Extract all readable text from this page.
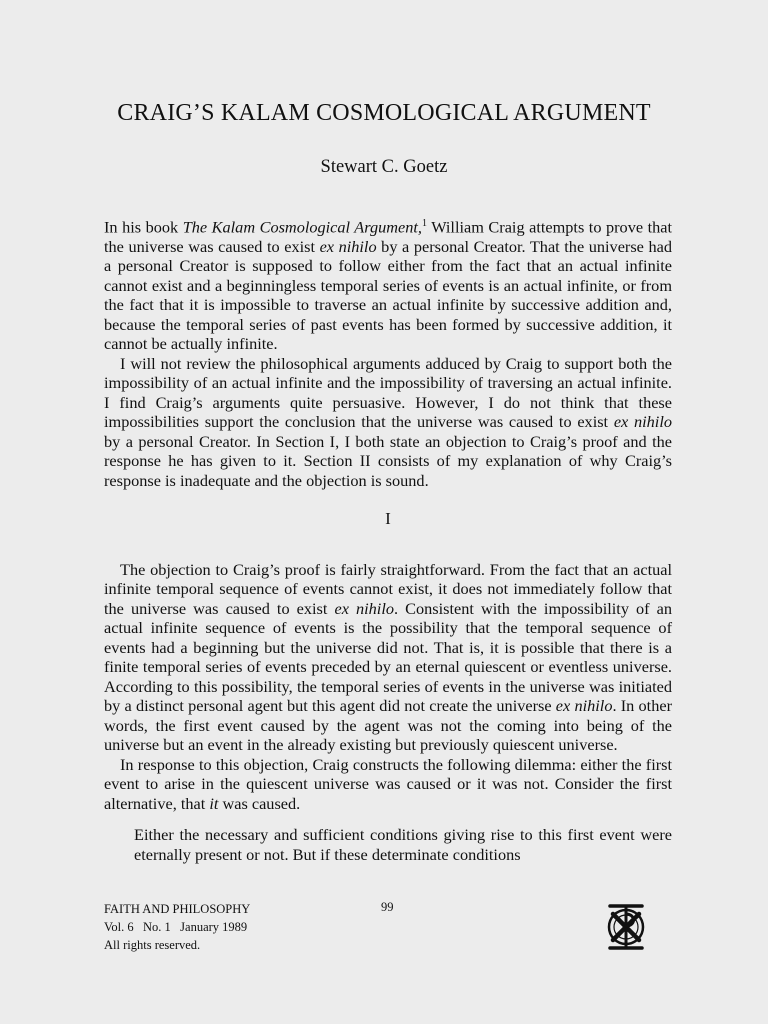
CRAIG’S KALAM COSMOLOGICAL ARGUMENT
Stewart C. Goetz

In his book The Kalam Cosmological Argument,$^1$ William Craig attempts to prove that the universe was caused to exist ex nihilo by a personal Creator. That the universe had a personal Creator is supposed to follow either from the fact that an actual infinite cannot exist and a beginningless temporal series of events is an actual infinite, or from the fact that it is impossible to traverse an actual infinite by successive addition and, because the temporal series of past events has been formed by successive addition, it cannot be actually infinite.

I will not review the philosophical arguments adduced by Craig to support both the impossibility of an actual infinite and the impossibility of traversing an actual infinite. I find Craig’s arguments quite persuasive. However, I do not think that these impossibilities support the conclusion that the universe was caused to exist ex nihilo by a personal Creator. In Section I, I both state an objection to Craig’s proof and the response he has given to it. Section II consists of my explanation of why Craig’s response is inadequate and the objection is sound.

I

The objection to Craig’s proof is fairly straightforward. From the fact that an actual infinite temporal sequence of events cannot exist, it does not immediately follow that the universe was caused to exist ex nihilo. Consistent with the impossibility of an actual infinite sequence of events is the possibility that the temporal sequence of events had a beginning but the universe did not. That is, it is possible that there is a finite temporal series of events preceded by an eternal quiescent or eventless universe. According to this possibility, the temporal series of events in the universe was initiated by a distinct personal agent but this agent did not create the universe ex nihilo. In other words, the first event caused by the agent was not the coming into being of the universe but an event in the already existing but previously quiescent universe.

In response to this objection, Craig constructs the following dilemma: either the first event to arise in the quiescent universe was caused or it was not. Consider the first alternative, that it was caused.

Either the necessary and sufficient conditions giving rise to this first event were eternally present or not. But if these determinate conditions
FAITH AND PHILOSOPHY
Vol. 6   No. 1   January 1989
All rights reserved.
99
